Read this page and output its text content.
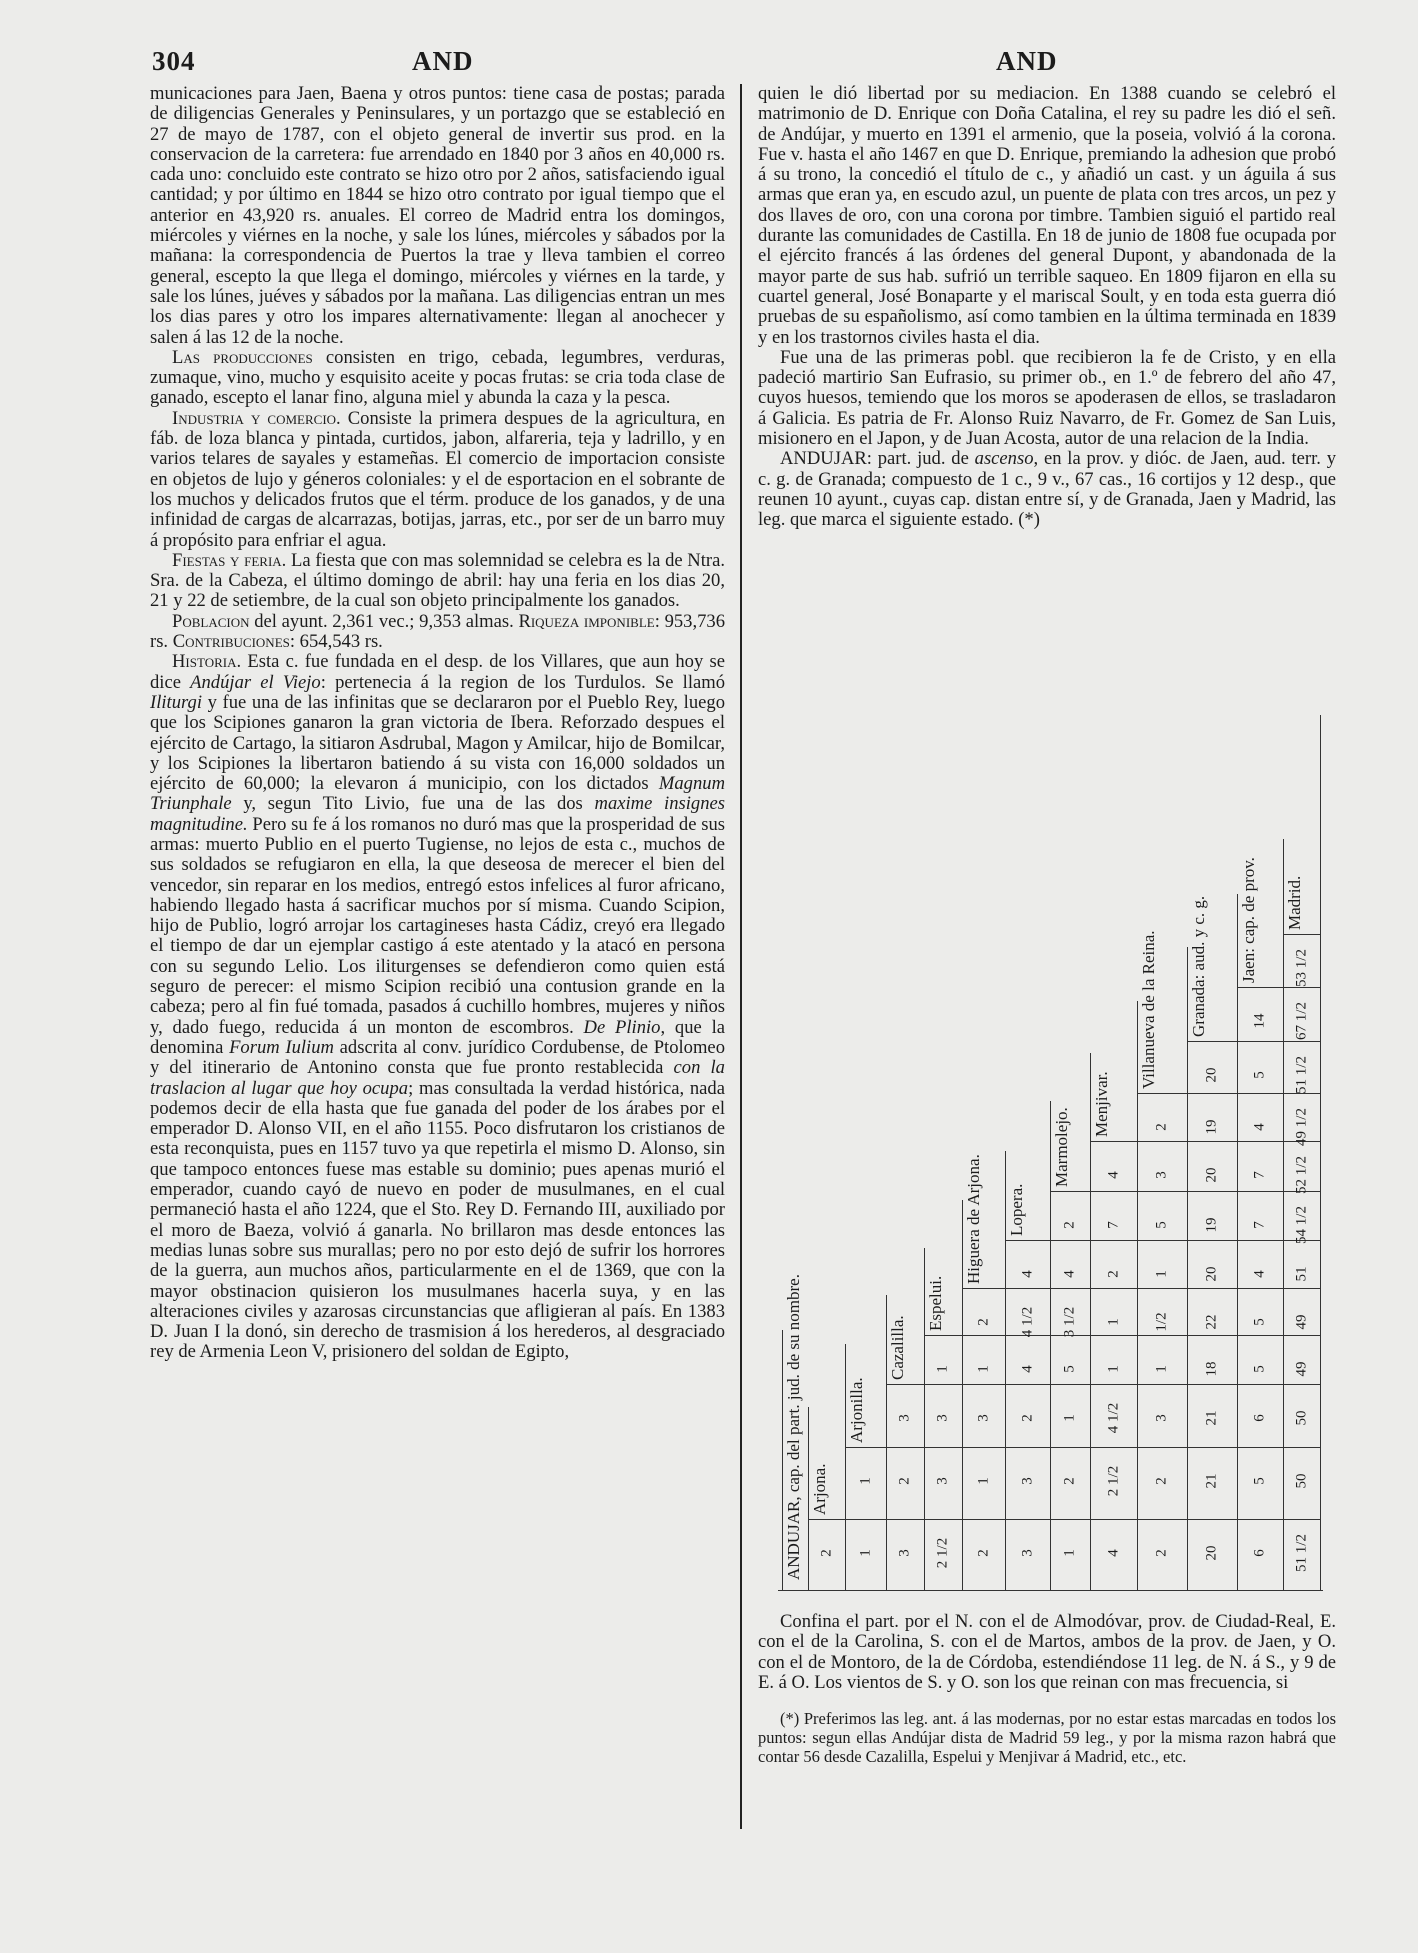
304	AND	AND

municaciones para Jaen, Baena y otros puntos: tiene casa de postas; parada de diligencias Generales y Peninsulares, y un portazgo que se estableció en 27 de mayo de 1787, con el objeto general de invertir sus prod. en la conservacion de la carretera: fue arrendado en 1840 por 3 años en 40,000 rs. cada uno: concluido este contrato se hizo otro por 2 años, satisfaciendo igual cantidad; y por último en 1844 se hizo otro contrato por igual tiempo que el anterior en 43,920 rs. anuales. El correo de Madrid entra los domingos, miércoles y viérnes en la noche, y sale los lúnes, miércoles y sábados por la mañana: la correspondencia de Puertos la trae y lleva tambien el correo general, escepto la que llega el domingo, miércoles y viérnes en la tarde, y sale los lúnes, juéves y sábados por la mañana. Las diligencias entran un mes los dias pares y otro los impares alternativamente: llegan al anochecer y salen á las 12 de la noche.

Las producciones consisten en trigo, cebada, legumbres, verduras, zumaque, vino, mucho y esquisito aceite y pocas frutas: se cria toda clase de ganado, escepto el lanar fino, alguna miel y abunda la caza y la pesca.

Industria y comercio. Consiste la primera despues de la agricultura, en fáb. de loza blanca y pintada, curtidos, jabon, alfareria, teja y ladrillo, y en varios telares de sayales y estameñas. El comercio de importacion consiste en objetos de lujo y géneros coloniales: y el de esportacion en el sobrante de los muchos y delicados frutos que el térm. produce de los ganados, y de una infinidad de cargas de alcarrazas, botijas, jarras, etc., por ser de un barro muy á propósito para enfriar el agua.

Fiestas y feria. La fiesta que con mas solemnidad se celebra es la de Ntra. Sra. de la Cabeza, el último domingo de abril: hay una feria en los dias 20, 21 y 22 de setiembre, de la cual son objeto principalmente los ganados.

Poblacion del ayunt. 2,361 vec.; 9,353 almas. Riqueza imponible: 953,736 rs. Contribuciones: 654,543 rs.

Historia. Esta c. fue fundada en el desp. de los Villares, que aun hoy se dice Andújar el Viejo: pertenecia á la region de los Turdulos. Se llamó Iliturgi y fue una de las infinitas que se declararon por el Pueblo Rey, luego que los Scipiones ganaron la gran victoria de Ibera. Reforzado despues el ejército de Cartago, la sitiaron Asdrubal, Magon y Amilcar, hijo de Bomilcar, y los Scipiones la libertaron batiendo á su vista con 16,000 soldados un ejército de 60,000; la elevaron á municipio, con los dictados Magnum Triunphale y, segun Tito Livio, fue una de las dos maxime insignes magnitudine. Pero su fe á los romanos no duró mas que la prosperidad de sus armas: muerto Publio en el puerto Tugiense, no lejos de esta c., muchos de sus soldados se refugiaron en ella, la que deseosa de merecer el bien del vencedor, sin reparar en los medios, entregó estos infelices al furor africano, habiendo llegado hasta á sacrificar muchos por sí misma. Cuando Scipion, hijo de Publio, logró arrojar los cartagineses hasta Cádiz, creyó era llegado el tiempo de dar un ejemplar castigo á este atentado y la atacó en persona con su segundo Lelio. Los iliturgenses se defendieron como quien está seguro de perecer: el mismo Scipion recibió una contusion grande en la cabeza; pero al fin fué tomada, pasados á cuchillo hombres, mujeres y niños y, dado fuego, reducida á un monton de escombros. De Plinio, que la denomina Forum Iulium adscrita al conv. jurídico Cordubense, de Ptolomeo y del itinerario de Antonino consta que fue pronto restablecida con la traslacion al lugar que hoy ocupa; mas consultada la verdad histórica, nada podemos decir de ella hasta que fue ganada del poder de los árabes por el emperador D. Alonso VII, en el año 1155. Poco disfrutaron los cristianos de esta reconquista, pues en 1157 tuvo ya que repetirla el mismo D. Alonso, sin que tampoco entonces fuese mas estable su dominio; pues apenas murió el emperador, cuando cayó de nuevo en poder de musulmanes, en el cual permaneció hasta el año 1224, que el Sto. Rey D. Fernando III, auxiliado por el moro de Baeza, volvió á ganarla. No brillaron mas desde entonces las medias lunas sobre sus murallas; pero no por esto dejó de sufrir los horrores de la guerra, aun muchos años, particularmente en el de 1369, que con la mayor obstinacion quisieron los musulmanes hacerla suya, y en las alteraciones civiles y azarosas circunstancias que afligieran al país. En 1383 D. Juan I la donó, sin derecho de trasmision á los herederos, al desgraciado rey de Armenia Leon V, prisionero del soldan de Egipto,

quien le dió libertad por su mediacion. En 1388 cuando se celebró el matrimonio de D. Enrique con Doña Catalina, el rey su padre les dió el señ. de Andújar, y muerto en 1391 el armenio, que la poseia, volvió á la corona. Fue v. hasta el año 1467 en que D. Enrique, premiando la adhesion que probó á su trono, la concedió el título de c., y añadió un cast. y un águila á sus armas que eran ya, en escudo azul, un puente de plata con tres arcos, un pez y dos llaves de oro, con una corona por timbre. Tambien siguió el partido real durante las comunidades de Castilla. En 18 de junio de 1808 fue ocupada por el ejército francés á las órdenes del general Dupont, y abandonada de la mayor parte de sus hab. sufrió un terrible saqueo. En 1809 fijaron en ella su cuartel general, José Bonaparte y el mariscal Soult, y en toda esta guerra dió pruebas de su españolismo, así como tambien en la última terminada en 1839 y en los trastornos civiles hasta el dia.

Fue una de las primeras pobl. que recibieron la fe de Cristo, y en ella padeció martirio San Eufrasio, su primer ob., en 1.º de febrero del año 47, cuyos huesos, temiendo que los moros se apoderasen de ellos, se trasladaron á Galicia. Es patria de Fr. Alonso Ruiz Navarro, de Fr. Gomez de San Luis, misionero en el Japon, y de Juan Acosta, autor de una relacion de la India.

ANDUJAR: part. jud. de ascenso, en la prov. y dióc. de Jaen, aud. terr. y c. g. de Granada; compuesto de 1 c., 9 v., 67 cas., 16 cortijos y 12 desp., que reunen 10 ayunt., cuyas cap. distan entre sí, y de Granada, Jaen y Madrid, las leg. que marca el siguiente estado. (*)

2 1
1
3
2
3
2 1/2
3
3
1
2
1
3
1
2
3
3
2
4
4 1/2
4
1
2
1
5
3 1/2
4
2
4
2 1/2
4 1/2
1
1
2
7
4
2
2
3
1
1/2
1
5
3
2
20
21
21
18
22
20
19
20
19
20
6
5
6
5
5
4
7
7
4
5
14
51 1/2
50
50
49
49
51
54 1/2
52 1/2
49 1/2
51 1/2
67 1/2
53 1/2
ANDUJAR, cap. del part. jud. de su nombre. Arjona.
Arjonilla.
Cazalilla.
Espelui.
Higuera de Arjona. Lopera.
Marmolejo.
Menjivar.
Villanueva de la Reina. Granada: aud. y c. g. Jaen: cap. de prov. Madrid.

Confina el part. por el N. con el de Almodóvar, prov. de Ciudad-Real, E. con el de la Carolina, S. con el de Martos, ambos de la prov. de Jaen, y O. con el de Montoro, de la de Córdoba, estendiéndose 11 leg. de N. á S., y 9 de E. á O. Los vientos de S. y O. son los que reinan con mas frecuencia, si

(*) Preferimos las leg. ant. á las modernas, por no estar estas marcadas en todos los puntos: segun ellas Andújar dista de Madrid 59 leg., y por la misma razon habrá que contar 56 desde Cazalilla, Espelui y Menjivar á Madrid, etc., etc.
